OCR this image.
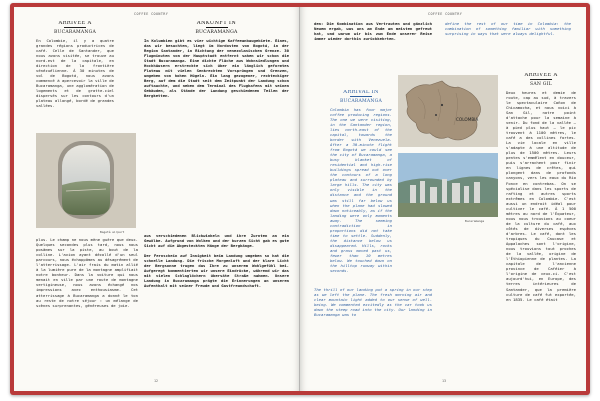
COFFEE COUNTRY
ARRIVÉE À
BUCARAMANGA
En Colombie, il y a quatre grandes régions productrices de café. Celle de Santander, que nous avons visitée, se trouve au nord-est de la capitale, en direction de la frontière vénézuélienne. À 30 minutes de vol de Bogotá, nous avons commencé à apercevoir la ville de Bucaramanga, une agglomération de logements et de gratte-ciel dispersés sur les contours d'un plateau allongé, bordé de grandes vallées.
Bogotá airport
plus. Le champ ne nous mène guère que deux. Quelques secondes plus tard, nous nous posâmes sur la piste, au bout de la colline. L'avion ayant décollé d'un seul parcours, nous échappâmes au désagrément de l'atterrissage. L'air frais du matin allié à la lumière pure de la montagne amplifiait notre bonheur. Dans la voiture qui nous menait en ville par une route de montagne vertigineuse, nous avons échangé nos impressions avec enthousiasme. Cet atterrissage à Bucaramanga a donné le ton au reste de notre séjour : un mélange de scènes surprenantes, généreuses de joie.
ANKUNFT IN
BUCARAMANGA
In Kolumbien gibt es vier wichtige Kaffeeanbaugebiete. Eines, das wir besuchten, liegt im Nordosten von Bogotá, in der Region Santander, in Richtung der venezolanischen Grenze. 30 Flugminuten von der Hauptstadt entfernt sahen wir schon die Stadt Bucaramanga. Eine dichte Fläche aus Wohnsiedlungen und Hochhäusern erstreckte sich über ein länglich geformtes Plateau mit vielen Senkrechten Vorsprüngen und Grenzen, umgeben von hohen Hügeln. Ein lang gezogener, rechteckiger Berg, auf dem die Stadt seit dem Zeitpunkt der Landung schon auftauchte, und neben dem Terminal des Flughafens mit seinen Gebäuden, als Stände der Landung geschiedenen Teilen der Bergketten.
aus verschiedenen Blickwinkeln und ihre Zurnten an ein Gewölbe. Aufgrund von Wolken und der kurzen Sicht gab es gute Sicht auf die Abgesteckten Hänge der Berghänge.
Der Fernschein auf Innigkeit beim Landung umgeben so hat die schnelle Landung. Die frische Morgenluft und der klare Licht der Bergsonne trugen das Ihre zu unserem Wohlgefühl bei. Aufgeregt kommentierten wir unsere Eindrücke, während wir das mit vielen Schlaglöchern übersäte Straße nahmen. Unsere Landung in Bucaramanga prägte die Erinnerungen an unseren Aufenthalt mit seiner Freude und Gastfreundschaft.
12
COFFEE COUNTRY
den: Die Kombination aus Vertrauten und gänzlich Neuem ergab, was uns am Ende am meisten gefreut hat, und warum wir bis zum Ende unserer Reise immer wieder dorthin zurückkehrten.
define the rest of our time in Colombia: the combination of something familiar with something surprising in ways that were always delightful.
ARRIVAL IN
BUCARAMANGA
Colombia has four major coffee producing regions. The one we were visiting, in the Santander region, lies north-east of the capital, towards the border with Venezuela. After a 30-minute flight from Bogotá we could see the city of Bucaramanga, a busy blanket of residential and high-rise buildings spread out over the contours of a long plateau and surrounded by large hills. The city was only visible in the distance and the ground was still far below us when the plane had slowed down noticeably, as if the landing were only moments away. The seeming contradiction in proportions did not take time to settle. Suddenly, the distance below us disappeared. Hills, rocks and grass moved past us, fewer than 10 metres below. We touched down on the hilltop runway within seconds.
The thrill of our landing put a spring in our step as we left the plane. The fresh morning air and clear mountain light added to our sense of well-being. We commented excitedly as the car took us down the steep road into the city. Our landing in Bucaramanga was to
COLOMBIA
Bucaramanga
ARRIVÉE À
SAN GIL
Deux heures et demie de route, cap au sud, à travers le spectaculaire Cañon de Chicamocha, et nous voici à San Gil, notre point d'attache pour la semaine à venir. Du fond de la vallée — à pied plus haut — le pic trouvent à 1100 mètres, le café a des collines fortes. La vie locale en ville s'adapte à une altitude de plus de 1500 mètres. Leurs pentes s'emmêlent en douceur, puis s'arrachent pour finir en lignes de crêtes, qui plongent dans de profonds canyons, vers les eaux du Río Fonce en contrebas. On se spécialise dans les sports de rafting et autres sports extrêmes en Colombie. C'est aussi un endroit idéal pour cultiver le café. À 1 500 mètres au nord de l'Équateur, nous nous trouvions au coeur de la culture du café, aux côtés de diverses espèces d'arbres. Le café, dont les tropiques du Caucase et Appalaches sont l'origine, nous trouvions tout proches de la vallée, origine de l'Éthiopienne de plantes. La capitale de l'ancienne province de Caféier à l'origine de ceux-ci. C'est aujourd'hui, en Europe, des terres intérieures de Santander, que la première culture de café fut exportée, en 1835. Le café était
13
